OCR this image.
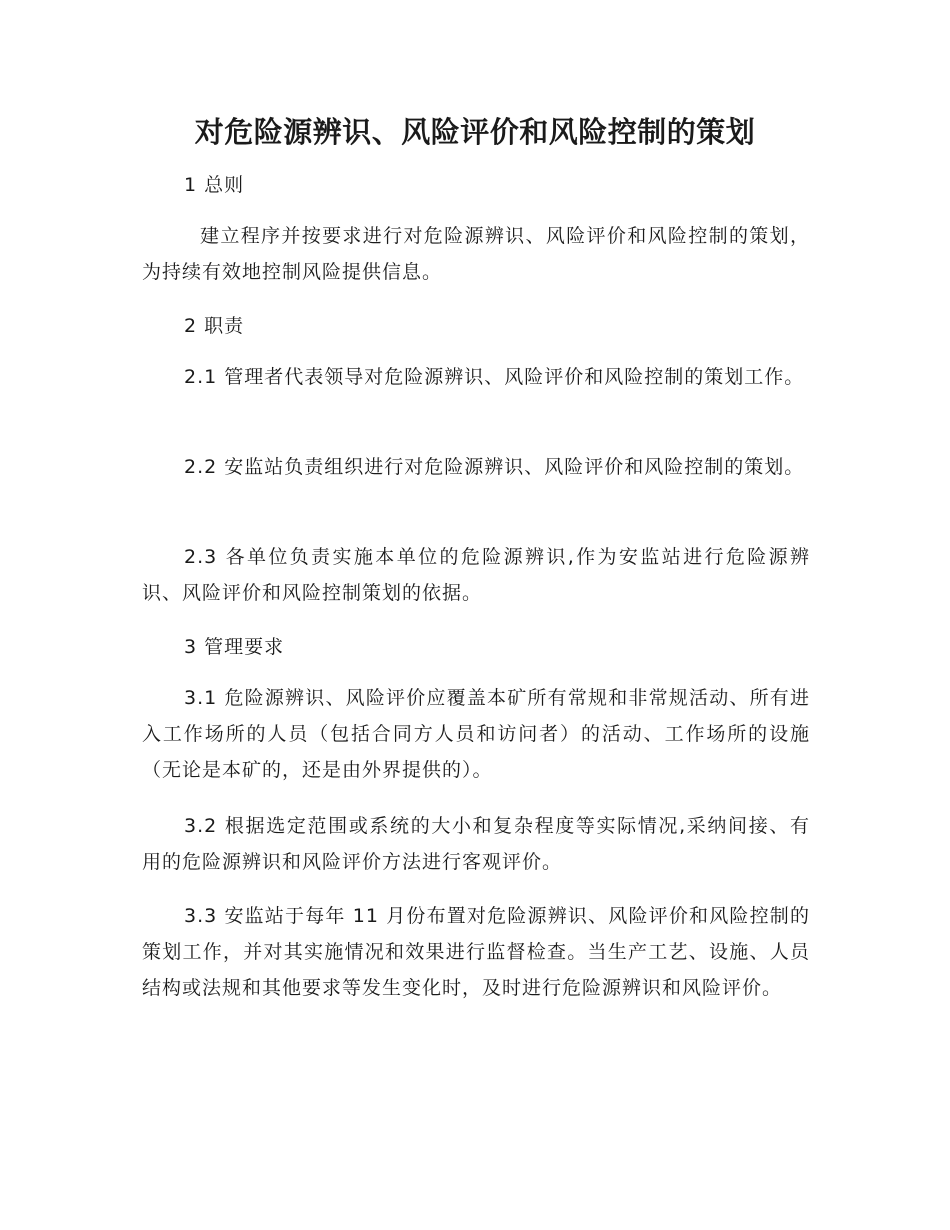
对危险源辨识、风险评价和风险控制的策划

1 总则

建立程序并按要求进行对危险源辨识、风险评价和风险控制的策划，为持续有效地控制风险提供信息。

2 职责

2.1 管理者代表领导对危险源辨识、风险评价和风险控制的策划工作。

2.2 安监站负责组织进行对危险源辨识、风险评价和风险控制的策划。

2.3 各单位负责实施本单位的危险源辨识,作为安监站进行危险源辨识、风险评价和风险控制策划的依据。

3 管理要求

3.1 危险源辨识、风险评价应覆盖本矿所有常规和非常规活动、所有进入工作场所的人员（包括合同方人员和访问者）的活动、工作场所的设施（无论是本矿的，还是由外界提供的）。

3.2 根据选定范围或系统的大小和复杂程度等实际情况,采纳间接、有用的危险源辨识和风险评价方法进行客观评价。

3.3 安监站于每年 11 月份布置对危险源辨识、风险评价和风险控制的策划工作，并对其实施情况和效果进行监督检查。当生产工艺、设施、人员结构或法规和其他要求等发生变化时，及时进行危险源辨识和风险评价。
